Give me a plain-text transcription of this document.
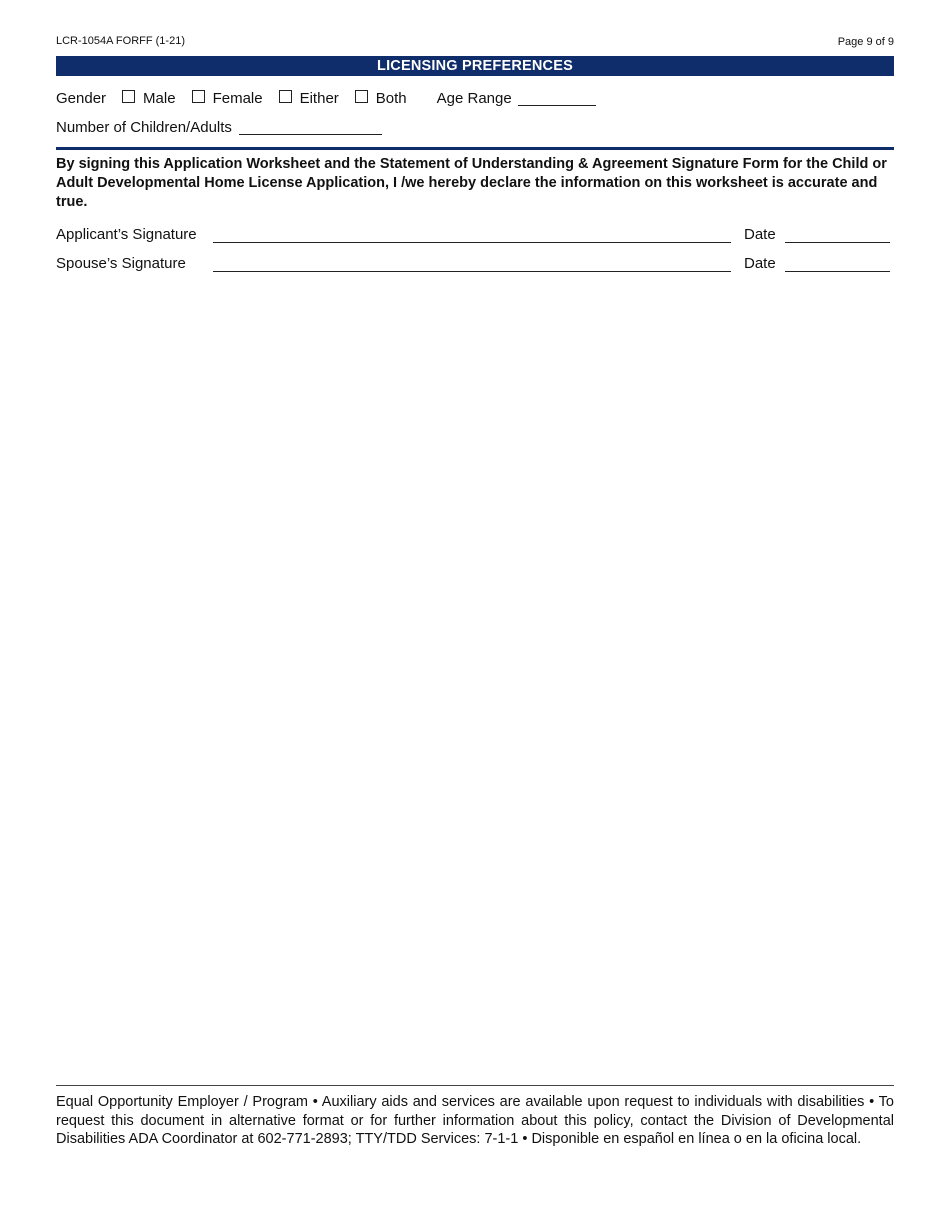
LCR-1054A FORFF (1-21)	Page 9 of 9
LICENSING PREFERENCES
Gender Male Female Either Both Age Range
Number of Children/Adults
By signing this Application Worksheet and the Statement of Understanding & Agreement Signature Form for the Child or Adult Developmental Home License Application, I /we hereby declare the information on this worksheet is accurate and true.
Applicant’s Signature	Date
Spouse’s Signature	Date
Equal Opportunity Employer / Program • Auxiliary aids and services are available upon request to individuals with disabilities • To request this document in alternative format or for further information about this policy, contact the Division of Developmental Disabilities ADA Coordinator at 602-771-2893; TTY/TDD Services: 7-1-1 • Disponible en español en línea o en la oficina local.
